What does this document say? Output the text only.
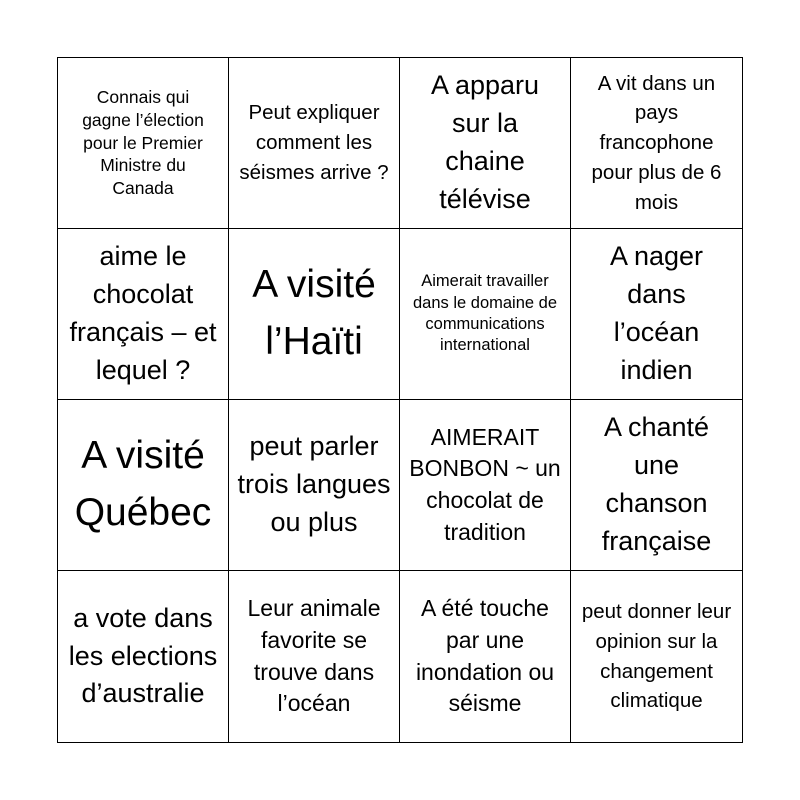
Connais qui gagne l’élection pour le Premier Ministre du Canada
Peut expliquer comment les séismes arrive ?
A apparu sur la chaine télévise
A vit dans un pays francophone pour plus de 6 mois
aime le chocolat français – et lequel ?
A visité l’Haïti
Aimerait travailler dans le domaine de communications international
A nager dans l’océan indien
A visité Québec
peut parler trois langues ou plus
AIMERAIT BONBON ~ un chocolat de tradition
A chanté une chanson française
a vote dans les elections d’australie
Leur animale favorite se trouve dans l’océan
A été touche par une inondation ou séisme
peut donner leur opinion sur la changement climatique
